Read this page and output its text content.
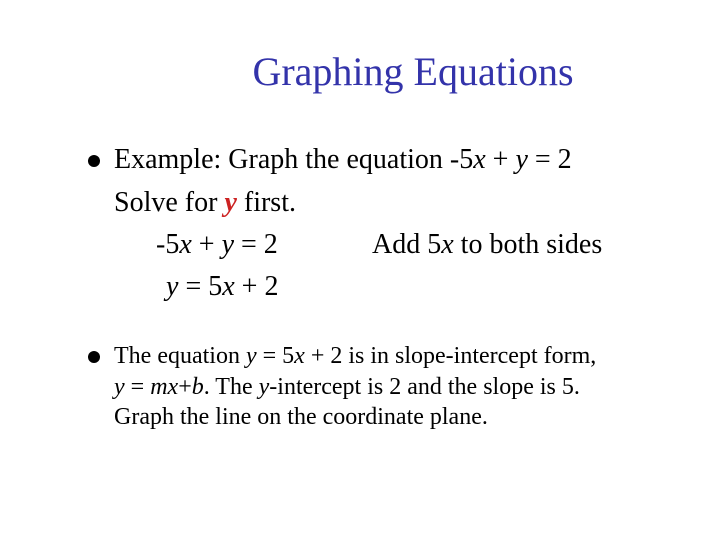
Graphing Equations
Example: Graph the equation -5x + y = 2
Solve for y first.
-5x + y = 2	Add 5x to both sides
y = 5x + 2
The equation y = 5x + 2 is in slope-intercept form,
y = mx+b. The y-intercept is 2 and the slope is 5.
Graph the line on the coordinate plane.
